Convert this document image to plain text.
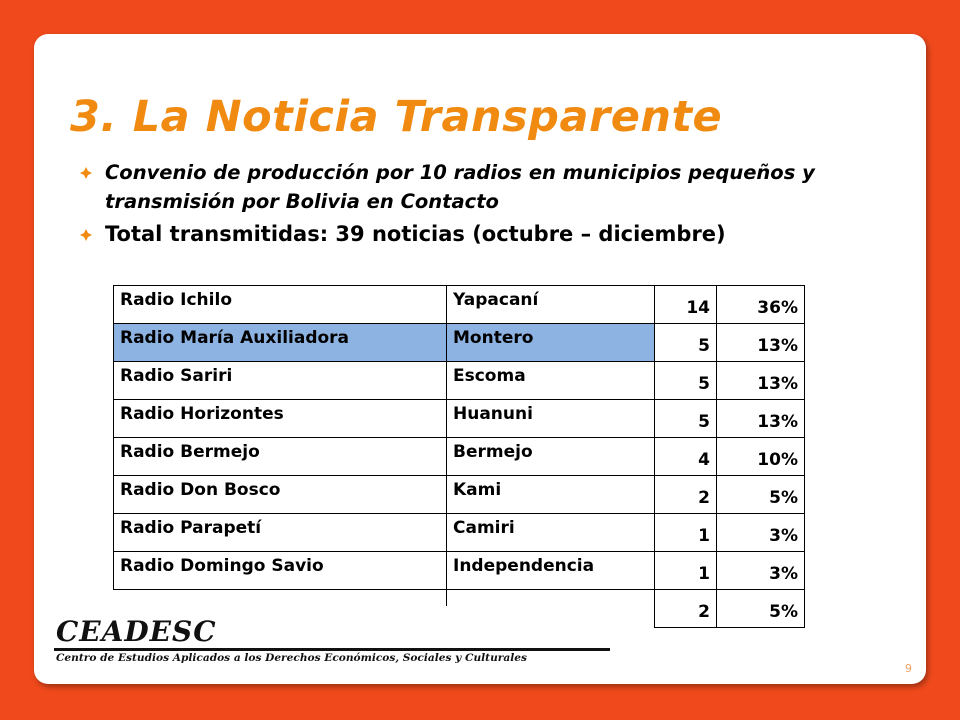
3. La Noticia Transparente
Convenio de producción por 10 radios en municipios pequeños y transmisión por Bolivia en Contacto
Total transmitidas: 39 noticias (octubre – diciembre)
Radio Ichilo	Yapacaní	14	36%
Radio María Auxiliadora	Montero	5	13%
Radio Sariri	Escoma	5	13%
Radio Horizontes	Huanuni	5	13%
Radio Bermejo	Bermejo	4	10%
Radio Don Bosco	Kami	2	5%
Radio Parapetí	Camiri	1	3%
Radio Domingo Savio	Independencia	1	3%
		2	5%
CEADESC
Centro de Estudios Aplicados a los Derechos Económicos, Sociales y Culturales
9
